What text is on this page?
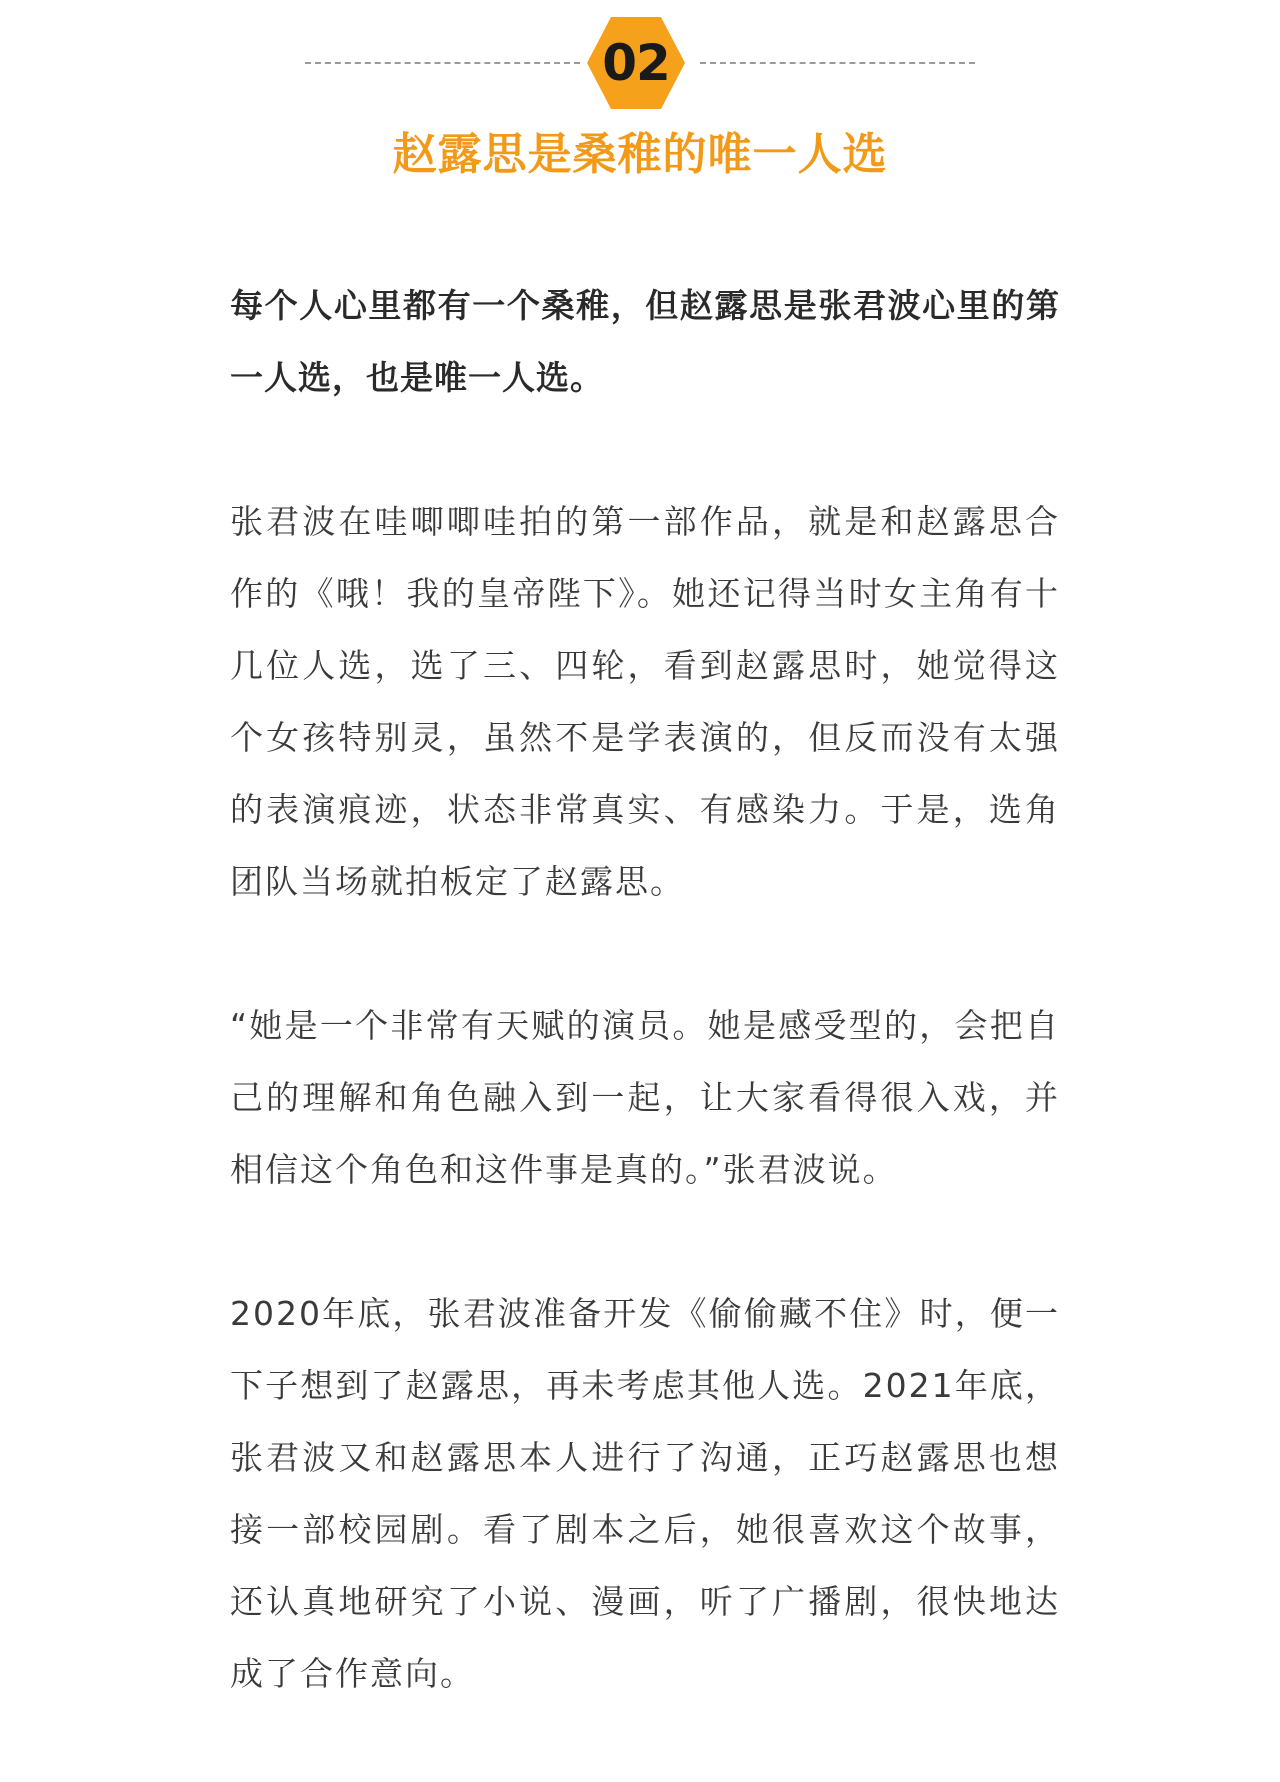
02
赵露思是桑稚的唯一人选

每个人心里都有一个桑稚，但赵露思是张君波心里的第一人选，也是唯一人选。

张君波在哇唧唧哇拍的第一部作品，就是和赵露思合作的《哦！我的皇帝陛下》。她还记得当时女主角有十几位人选，选了三、四轮，看到赵露思时，她觉得这个女孩特别灵，虽然不是学表演的，但反而没有太强的表演痕迹，状态非常真实、有感染力。于是，选角团队当场就拍板定了赵露思。

“她是一个非常有天赋的演员。她是感受型的，会把自己的理解和角色融入到一起，让大家看得很入戏，并相信这个角色和这件事是真的。”张君波说。

2020年底，张君波准备开发《偷偷藏不住》时，便一下子想到了赵露思，再未考虑其他人选。2021年底，张君波又和赵露思本人进行了沟通，正巧赵露思也想接一部校园剧。看了剧本之后，她很喜欢这个故事，还认真地研究了小说、漫画，听了广播剧，很快地达成了合作意向。
